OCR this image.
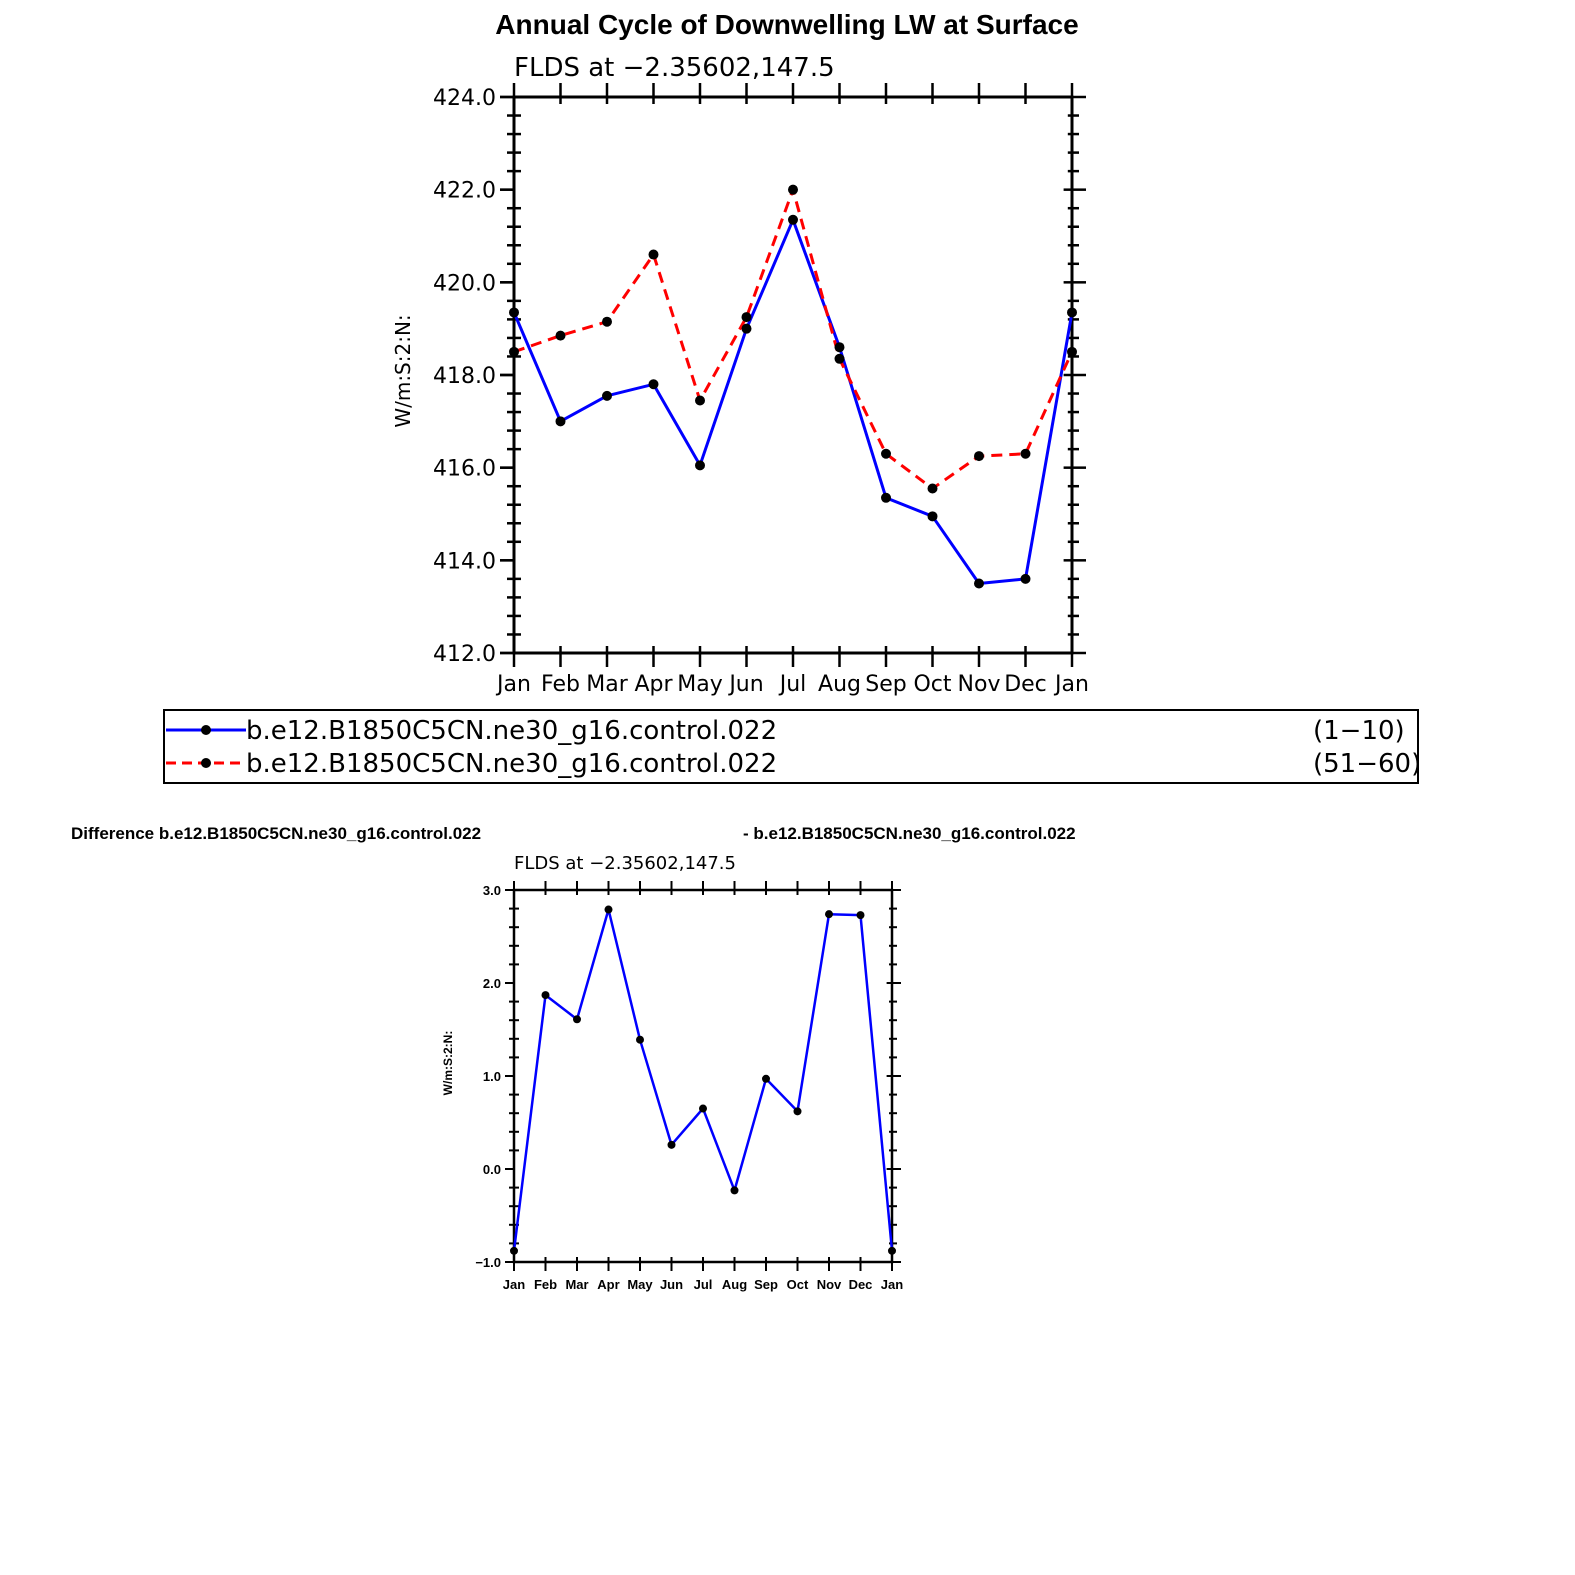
Annual Cycle of Downwelling LW at Surface
FLDS at −2.35602,147.5
W/m:S:2:N:
412.0
414.0
416.0
418.0
420.0
422.0
424.0
Jan Feb Mar Apr May Jun Jul Aug Sep Oct Nov Dec Jan
b.e12.B1850C5CN.ne30_g16.control.022	(1−10)
b.e12.B1850C5CN.ne30_g16.control.022	(51−60)
Difference b.e12.B1850C5CN.ne30_g16.control.022	- b.e12.B1850C5CN.ne30_g16.control.022
FLDS at −2.35602,147.5
W/m:S:2:N:
−1.0
0.0
1.0
2.0
3.0
Jan Feb Mar Apr May Jun Jul Aug Sep Oct Nov Dec Jan
